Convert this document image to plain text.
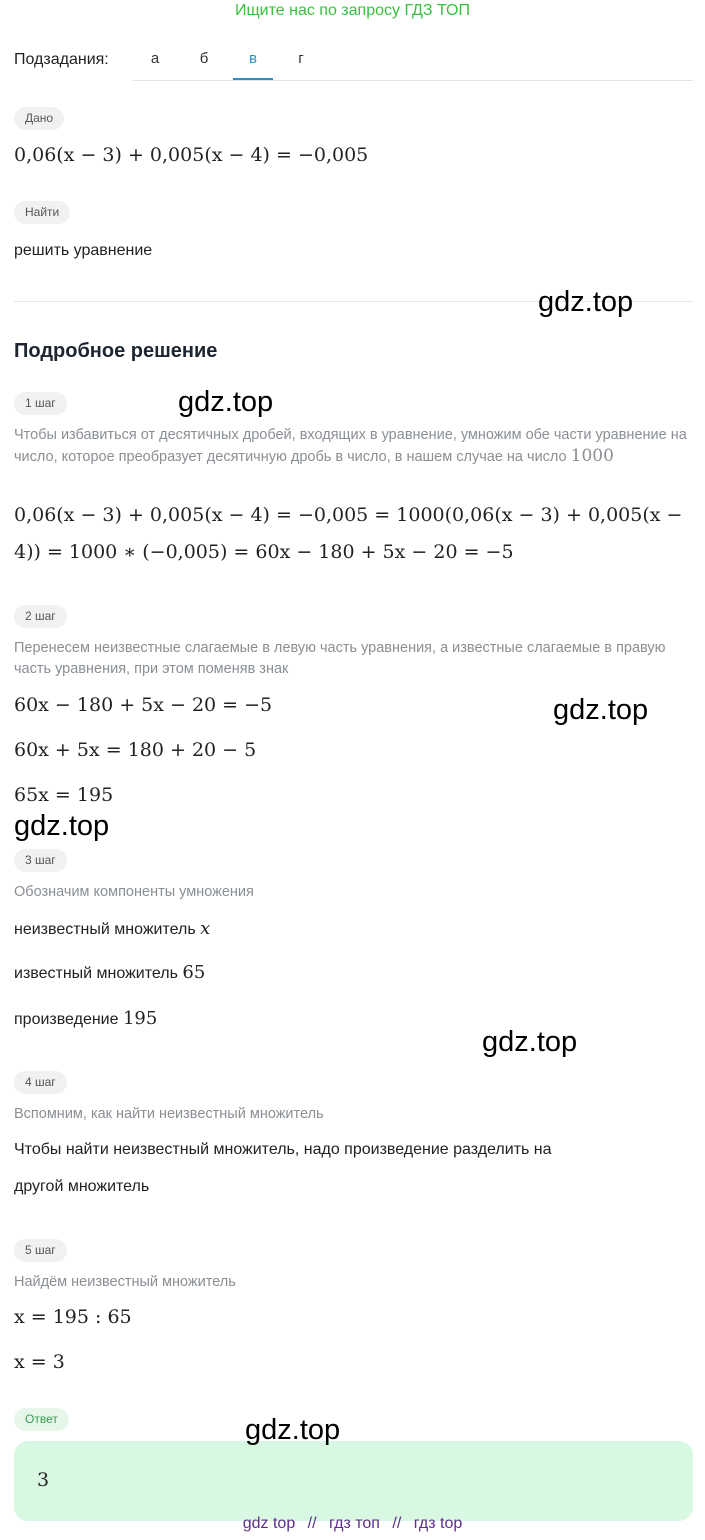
Ищите нас по запросу ГДЗ ТОП
Подзадания:	а	б	в	г
Дано
0,06(x − 3) + 0,005(x − 4) = −0,005
Найти
решить уравнение
Подробное решение
1 шаг
Чтобы избавиться от десятичных дробей, входящих в уравнение, умножим обе части уравнение на число, которое преобразует десятичную дробь в число, в нашем случае на число 1000
0,06(x − 3) + 0,005(x − 4) = −0,005 = 1000(0,06(x − 3) + 0,005(x −
4)) = 1000 ∗ (−0,005) = 60x − 180 + 5x − 20 = −5
2 шаг
Перенесем неизвестные слагаемые в левую часть уравнения, а известные слагаемые в правую часть уравнения, при этом поменяв знак
60x − 180 + 5x − 20 = −5
60x + 5x = 180 + 20 − 5
65x = 195
3 шаг
Обозначим компоненты умножения
неизвестный множитель x
известный множитель 65
произведение 195
4 шаг
Вспомним, как найти неизвестный множитель
Чтобы найти неизвестный множитель, надо произведение разделить на
другой множитель
5 шаг
Найдём неизвестный множитель
x = 195 : 65
x = 3
Ответ
3
gdz.top
gdz.top
gdz.top
gdz.top
gdz.top
gdz.top
gdz top // гдз топ // гдз top
